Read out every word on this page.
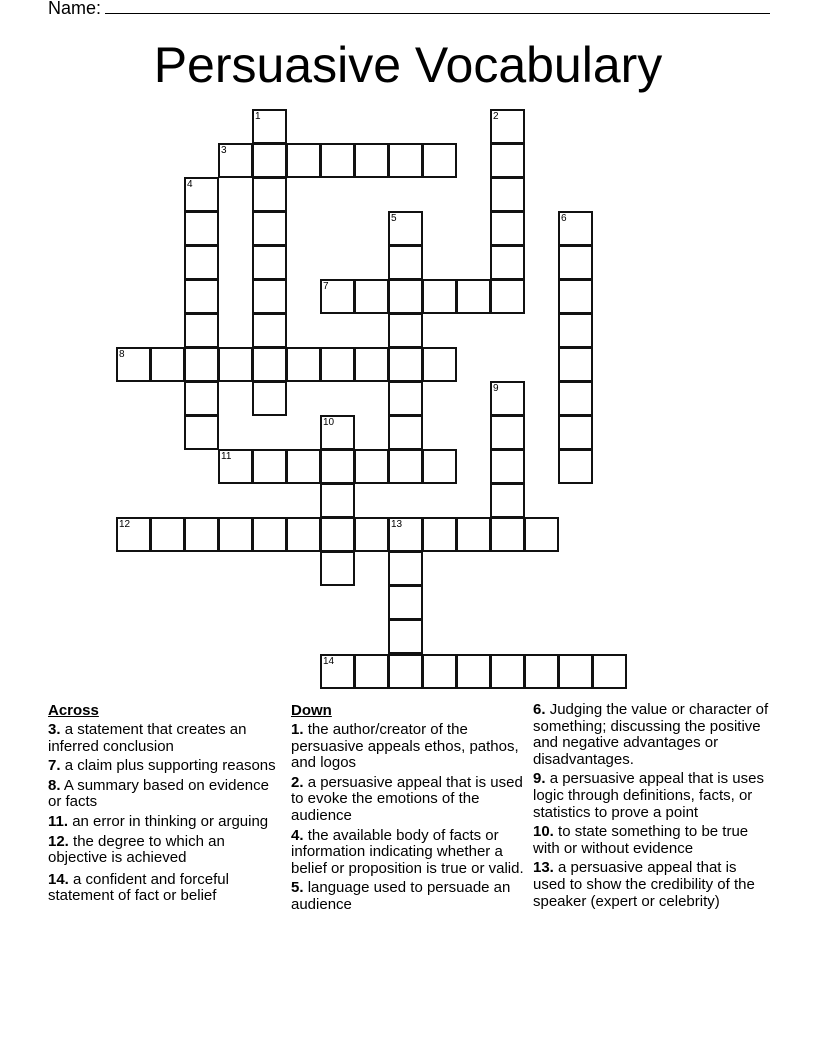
Name:
Persuasive Vocabulary
1	2
3
4
5	6
7
8
9
10
11
12	13
14
Across
3. a statement that creates an inferred conclusion
7. a claim plus supporting reasons
8. A summary based on evidence or facts
11. an error in thinking or arguing
12. the degree to which an objective is achieved
14. a confident and forceful statement of fact or belief
Down
1. the author/creator of the persuasive appeals ethos, pathos, and logos
2. a persuasive appeal that is used to evoke the emotions of the audience
4. the available body of facts or information indicating whether a belief or proposition is true or valid.
5. language used to persuade an audience
6. Judging the value or character of something; discussing the positive and negative advantages or disadvantages.
9. a persuasive appeal that is uses logic through definitions, facts, or statistics to prove a point
10. to state something to be true with or without evidence
13. a persuasive appeal that is used to show the credibility of the speaker (expert or celebrity)
